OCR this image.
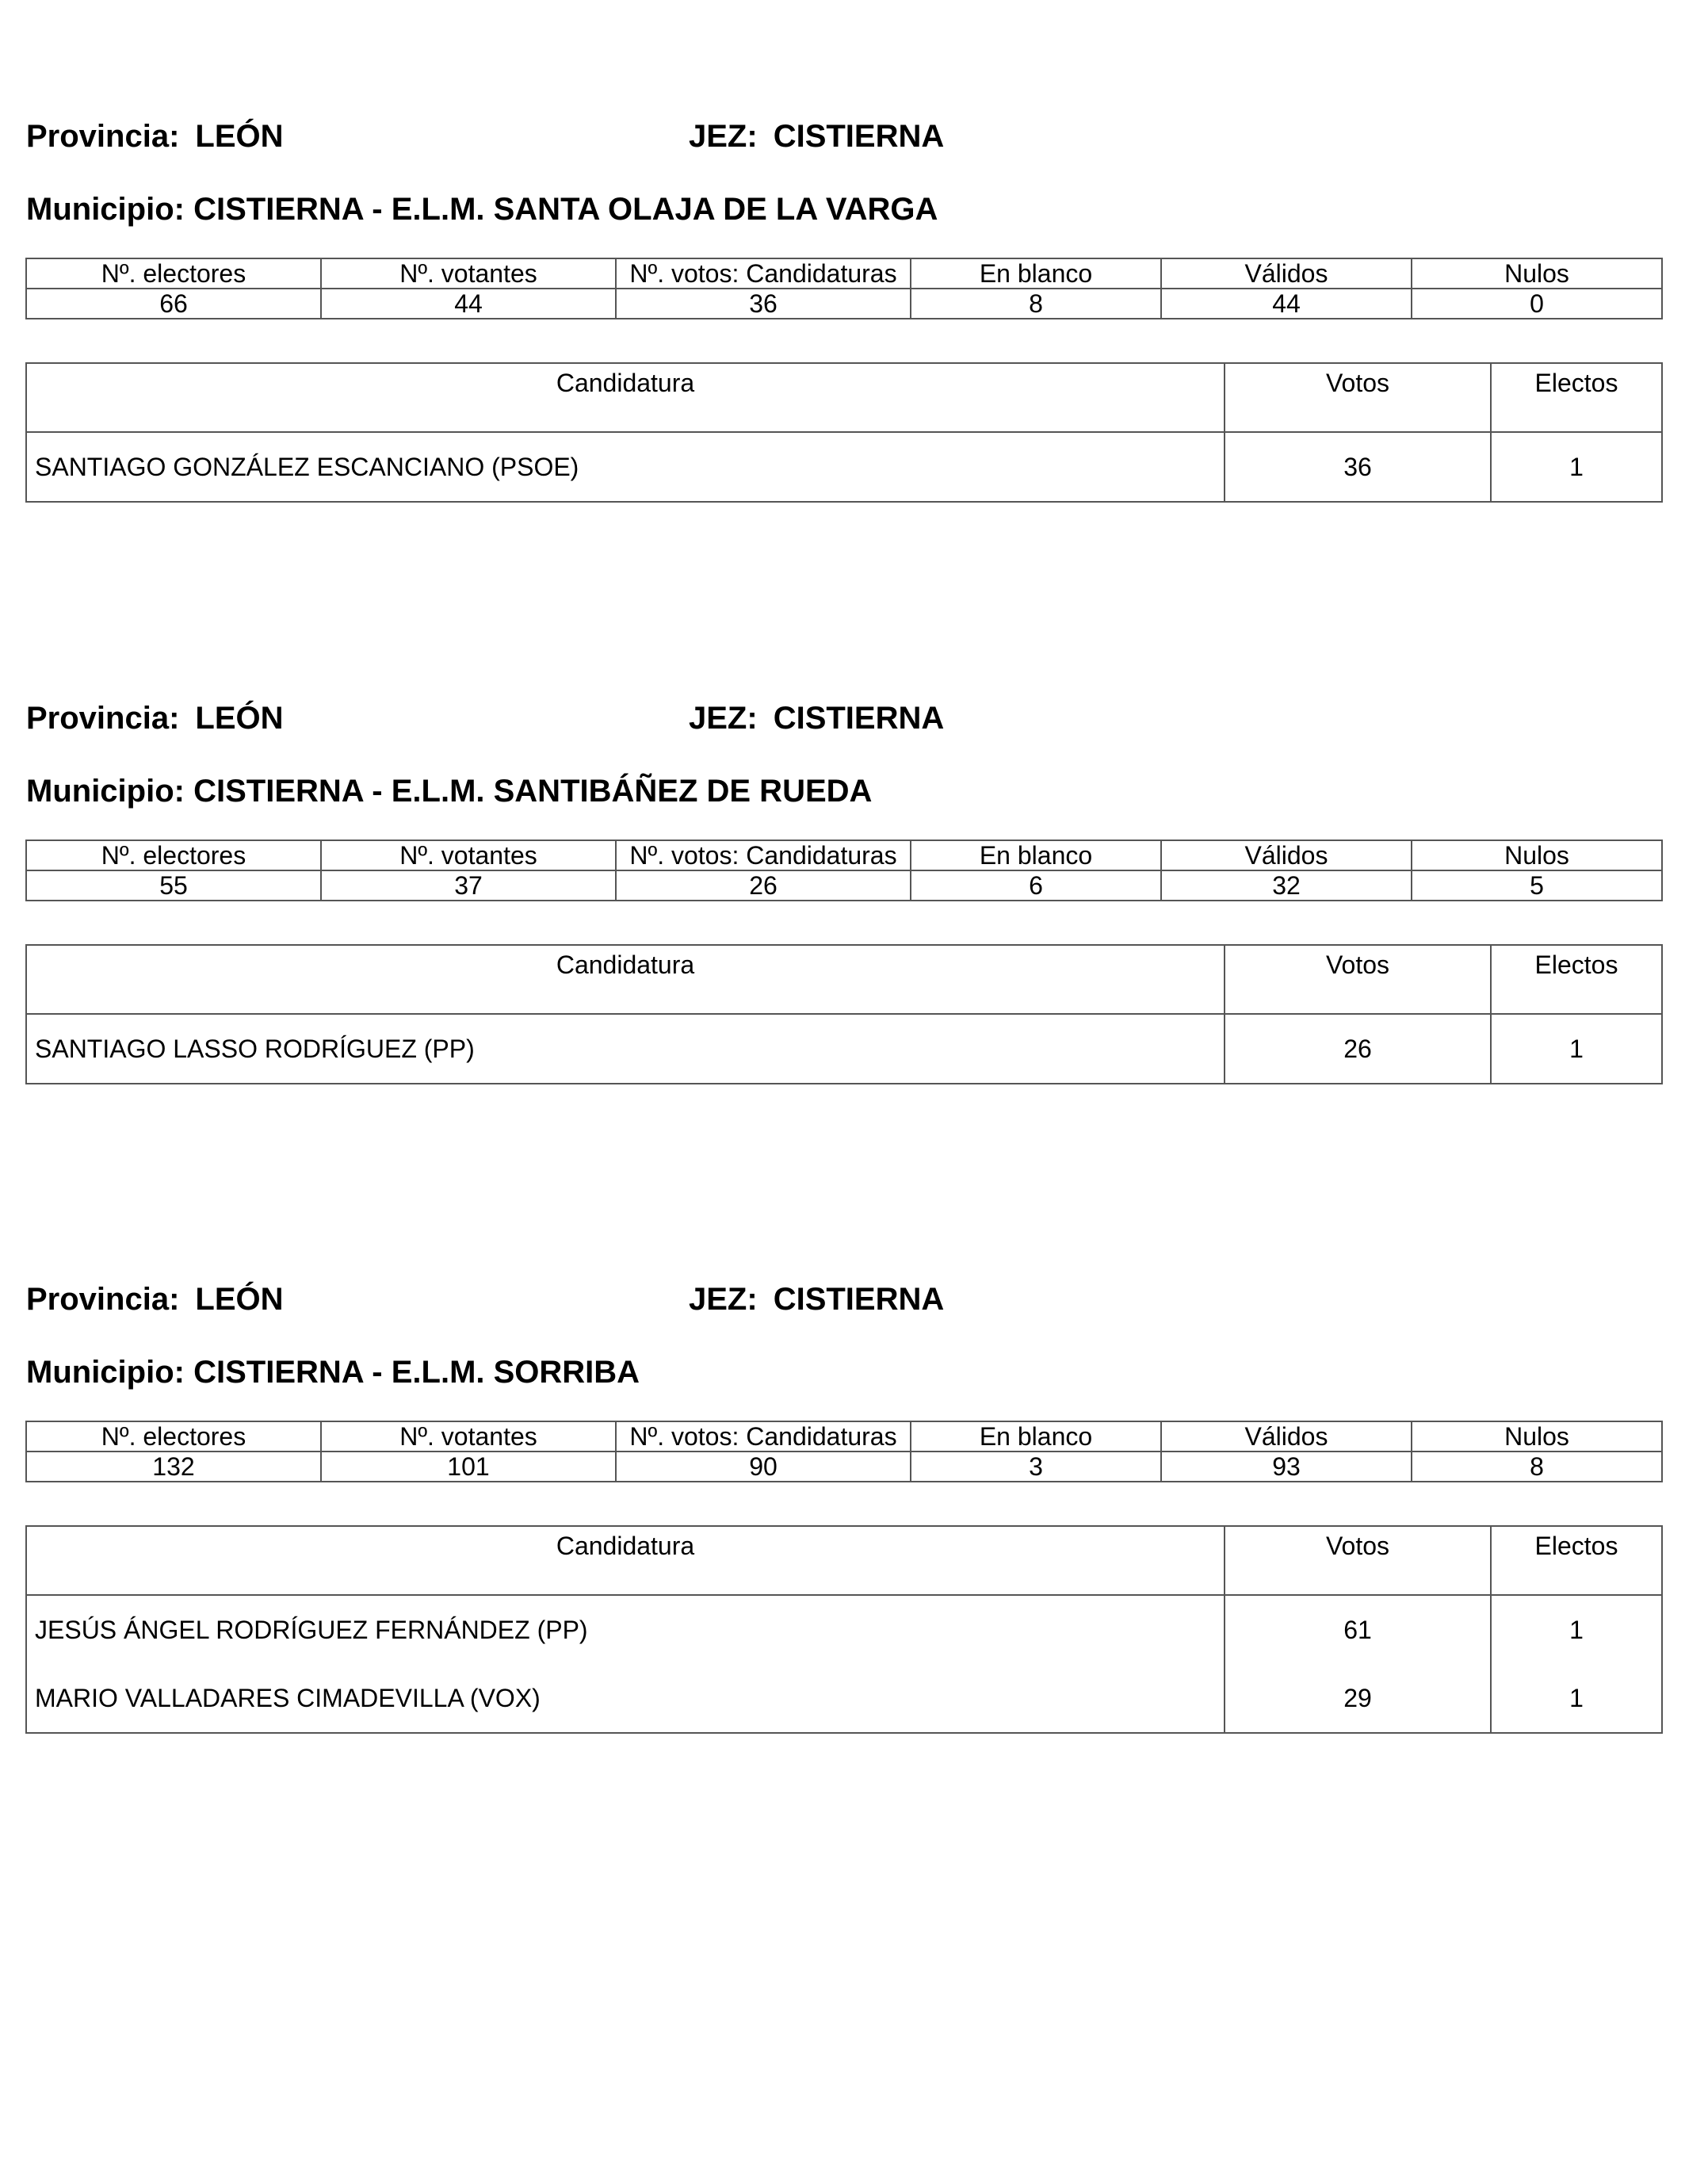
Provincia: LEÓN	JEZ: CISTIERNA
Municipio: CISTIERNA - E.L.M. SANTA OLAJA DE LA VARGA
Nº. electores	Nº. votantes	Nº. votos: Candidaturas	En blanco	Válidos	Nulos
66	44	36	8	44	0
Candidatura	Votos	Electos
SANTIAGO GONZÁLEZ ESCANCIANO (PSOE)	36	1
Provincia: LEÓN	JEZ: CISTIERNA
Municipio: CISTIERNA - E.L.M. SANTIBÁÑEZ DE RUEDA
Nº. electores	Nº. votantes	Nº. votos: Candidaturas	En blanco	Válidos	Nulos
55	37	26	6	32	5
Candidatura	Votos	Electos
SANTIAGO LASSO RODRÍGUEZ (PP)	26	1
Provincia: LEÓN	JEZ: CISTIERNA
Municipio: CISTIERNA - E.L.M. SORRIBA
Nº. electores	Nº. votantes	Nº. votos: Candidaturas	En blanco	Válidos	Nulos
132	101	90	3	93	8
Candidatura	Votos	Electos
JESÚS ÁNGEL RODRÍGUEZ FERNÁNDEZ (PP)	61	1
MARIO VALLADARES CIMADEVILLA (VOX)	29	1
